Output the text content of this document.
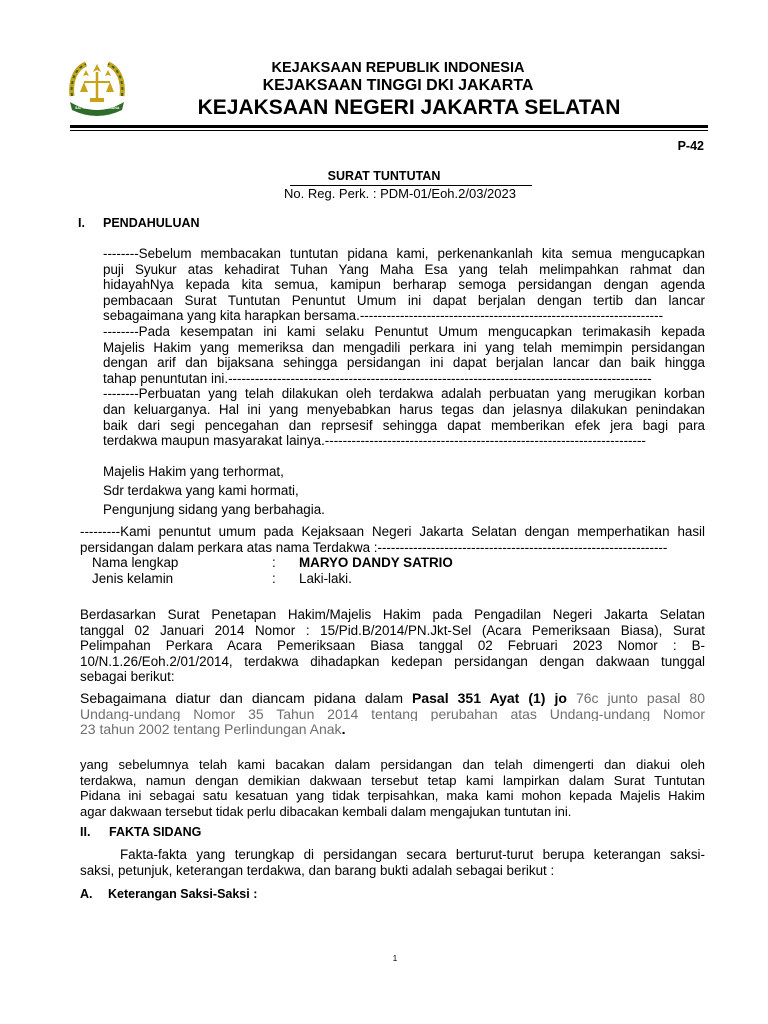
SATYA ADHI WICAKSANA
KEJAKSAAN REPUBLIK INDONESIA
KEJAKSAAN TINGGI DKI JAKARTA
KEJAKSAAN NEGERI JAKARTA SELATAN
P-42
SURAT TUNTUTAN
No. Reg. Perk. : PDM-01/Eoh.2/03/2023
I. PENDAHULUAN
--------Sebelum membacakan tuntutan pidana kami, perkenankanlah kita semua mengucapkan
puji Syukur atas kehadirat Tuhan Yang Maha Esa yang telah melimpahkan rahmat dan
hidayahNya kepada kita semua, kamipun berharap semoga persidangan dengan agenda
pembacaan Surat Tuntutan Penuntut Umum ini dapat berjalan dengan tertib dan lancar
sebagaimana yang kita harapkan bersama.--------------------------------------------------------------------
--------Pada kesempatan ini kami selaku Penuntut Umum mengucapkan terimakasih kepada
Majelis Hakim yang memeriksa dan mengadili perkara ini yang telah memimpin persidangan
dengan arif dan bijaksana sehingga persidangan ini dapat berjalan lancar dan baik hingga
tahap penuntutan ini.-----------------------------------------------------------------------------------------------
--------Perbuatan yang telah dilakukan oleh terdakwa adalah perbuatan yang merugikan korban
dan keluarganya. Hal ini yang menyebabkan harus tegas dan jelasnya dilakukan penindakan
baik dari segi pencegahan dan reprsesif sehingga dapat memberikan efek jera bagi para
terdakwa maupun masyarakat lainya.------------------------------------------------------------------------
Majelis Hakim yang terhormat,
Sdr terdakwa yang kami hormati,
Pengunjung sidang yang berbahagia.
---------Kami penuntut umum pada Kejaksaan Negeri Jakarta Selatan dengan memperhatikan hasil
persidangan dalam perkara atas nama Terdakwa :-----------------------------------------------------------------
Nama lengkap	: MARYO DANDY SATRIO
Jenis kelamin	: Laki-laki.
Berdasarkan Surat Penetapan Hakim/Majelis Hakim pada Pengadilan Negeri Jakarta Selatan
tanggal 02 Januari 2014 Nomor : 15/Pid.B/2014/PN.Jkt-Sel (Acara Pemeriksaan Biasa), Surat
Pelimpahan Perkara Acara Pemeriksaan Biasa tanggal 02 Februari 2023 Nomor : B-
10/N.1.26/Eoh.2/01/2014, terdakwa dihadapkan kedepan persidangan dengan dakwaan tunggal
sebagai berikut:
Sebagaimana diatur dan diancam pidana dalam Pasal 351 Ayat (1) jo 76c junto pasal 80
Undang-undang Nomor 35 Tahun 2014 tentang perubahan atas Undang-undang Nomor
23 tahun 2002 tentang Perlindungan Anak.
yang sebelumnya telah kami bacakan dalam persidangan dan telah dimengerti dan diakui oleh
terdakwa, namun dengan demikian dakwaan tersebut tetap kami lampirkan dalam Surat Tuntutan
Pidana ini sebagai satu kesatuan yang tidak terpisahkan, maka kami mohon kepada Majelis Hakim
agar dakwaan tersebut tidak perlu dibacakan kembali dalam mengajukan tuntutan ini.
II. FAKTA SIDANG
Fakta-fakta yang terungkap di persidangan secara berturut-turut berupa keterangan saksi-
saksi, petunjuk, keterangan terdakwa, dan barang bukti adalah sebagai berikut :
A. Keterangan Saksi-Saksi :
1
